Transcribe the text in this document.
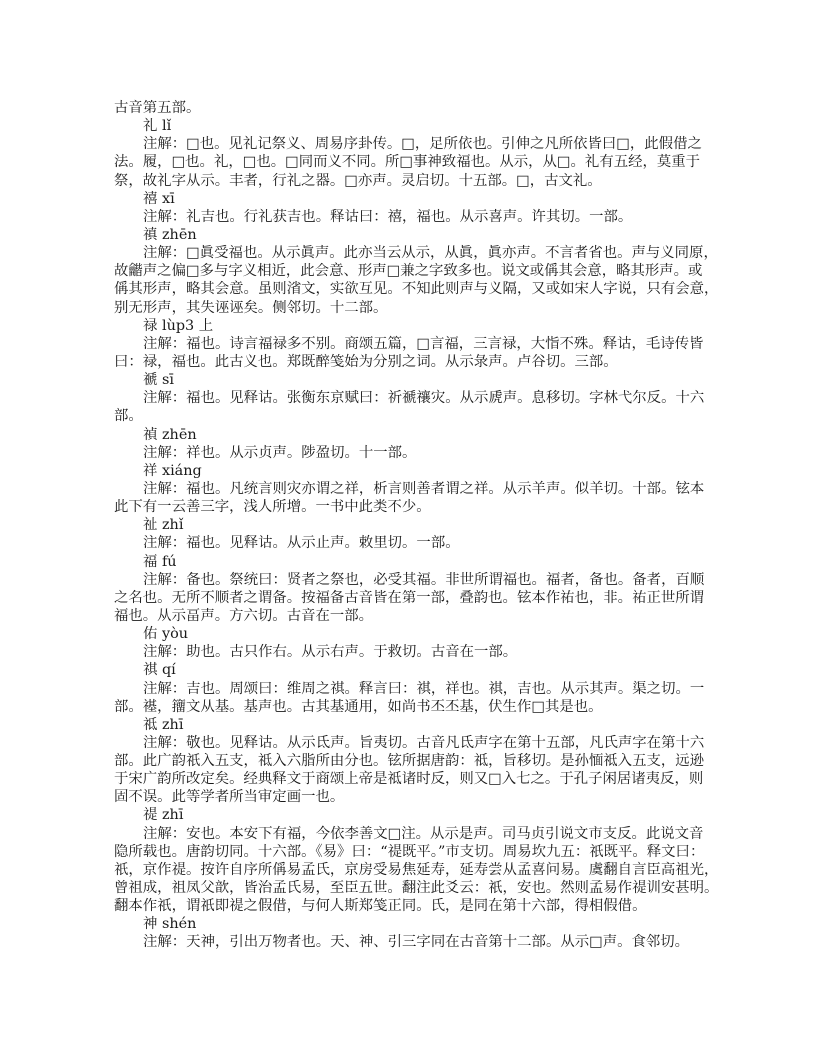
古音第五部。
礼 lǐ
注解：□也。见礼记祭义、周易序卦传。□，足所依也。引伸之凡所依皆曰□，此假借之
法。履，□也。礼，□也。□同而义不同。所□事神致福也。从示，从□。礼有五经，莫重于
祭，故礼字从示。丰者，行礼之器。□亦声。灵启切。十五部。□，古文礼。
禧 xī
注解：礼吉也。行礼获吉也。释诂曰：禧，福也。从示喜声。许其切。一部。
禛 zhēn
注解：□眞受福也。从示眞声。此亦当云从示，从眞，眞亦声。不言者省也。声与义同原，
故龤声之偏□多与字义相近，此会意、形声□兼之字致多也。说文或偁其会意，略其形声。或
偁其形声，略其会意。虽则渻文，实欲互见。不知此则声与义隔，又或如宋人字说，只有会意，
别无形声，其失诬诬矣。侧邻切。十二部。
禄 lùp3 上
注解：福也。诗言福禄多不别。商颂五篇，□言福，三言禄，大恉不殊。释诂，毛诗传皆
曰：禄，福也。此古义也。郑既醉笺始为分别之词。从示彔声。卢谷切。三部。
禠 sī
注解：福也。见释诂。张衡东京赋曰：祈禠禳灾。从示虒声。息移切。字林弋尔反。十六
部。
禎 zhēn
注解：祥也。从示贞声。陟盈切。十一部。
祥 xiáng
注解：福也。凡统言则灾亦谓之祥，析言则善者谓之祥。从示羊声。似羊切。十部。铉本
此下有一云善三字，浅人所增。一书中此类不少。
祉 zhǐ
注解：福也。见释诂。从示止声。敕里切。一部。
福 fú
注解：备也。祭统曰：贤者之祭也，必受其福。非世所谓福也。福者，备也。备者，百顺
之名也。无所不顺者之谓备。按福备古音皆在第一部，叠韵也。铉本作祐也，非。祐正世所谓
福也。从示畐声。方六切。古音在一部。
佑 yòu
注解：助也。古只作右。从示右声。于救切。古音在一部。
祺 qí
注解：吉也。周颂曰：维周之祺。释言曰：祺，祥也。祺，吉也。从示其声。渠之切。一
部。禥，籒文从基。基声也。古其基通用，如尚书丕丕基，伏生作□其是也。
祗 zhī
注解：敬也。见释诂。从示氐声。旨夷切。古音凡氐声字在第十五部，凡氏声字在第十六
部。此广韵祇入五支，祗入六脂所由分也。铉所据唐韵：祗，旨移切。是孙愐祗入五支，远逊
于宋广韵所改定矣。经典释文于商颂上帝是祗诸时反，则又□入七之。于孔子闲居诸夷反，则
固不误。此等学者所当审定画一也。
禔 zhī
注解：安也。本安下有福，今依李善文□注。从示是声。司马贞引说文市支反。此说文音
隐所载也。唐韵切同。十六部。《易》曰：“禔既平。”市支切。周易坎九五：祇既平。释文曰：
祇，京作禔。按许自序所偁易孟氏，京房受易焦延寿，延寿尝从孟喜问易。虞翻自言臣高祖光，
曾祖成，祖凤父歆，皆治孟氏易，至臣五世。翻注此爻云：祇，安也。然则孟易作禔训安甚明。
翻本作祇，谓祇即禔之假借，与何人斯郑笺正同。氏，是同在第十六部，得相假借。
神 shén
注解：天神，引出万物者也。天、神、引三字同在古音第十二部。从示□声。食邻切。
